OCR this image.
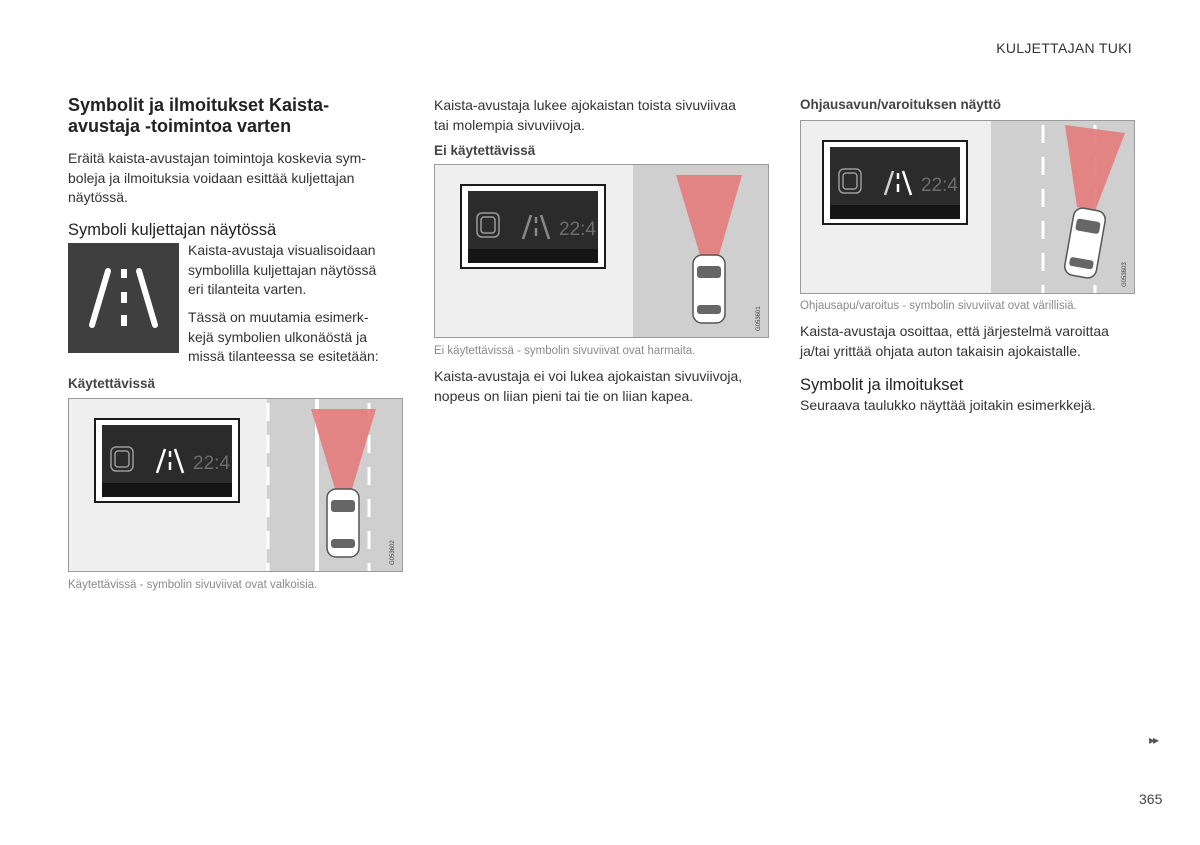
KULJETTAJAN TUKI
Symbolit ja ilmoitukset Kaista-
avustaja -toimintoa varten

Eräitä kaista-avustajan toimintoja koskevia sym-
boleja ja ilmoituksia voidaan esittää kuljettajan
näytössä.

Symboli kuljettajan näytössä

Kaista-avustaja visualisoidaan
symbolilla kuljettajan näytössä
eri tilanteita varten.

Tässä on muutamia esimerk-
kejä symbolien ulkonäöstä ja
missä tilanteessa se esitetään:

Käytettävissä
22:4
G053602

Käytettävissä - symbolin sivuviivat ovat valkoisia.

Kaista-avustaja lukee ajokaistan toista sivuviivaa
tai molempia sivuviivoja.

Ei käytettävissä
22:4
G053601

Ei käytettävissä - symbolin sivuviivat ovat harmaita.

Kaista-avustaja ei voi lukea ajokaistan sivuviivoja,
nopeus on liian pieni tai tie on liian kapea.

Ohjausavun/varoituksen näyttö
22:4
G053603

Ohjausapu/varoitus - symbolin sivuviivat ovat värillisiä.

Kaista-avustaja osoittaa, että järjestelmä varoittaa
ja/tai yrittää ohjata auton takaisin ajokaistalle.

Symbolit ja ilmoitukset

Seuraava taulukko näyttää joitakin esimerkkejä.

▸▸
365
